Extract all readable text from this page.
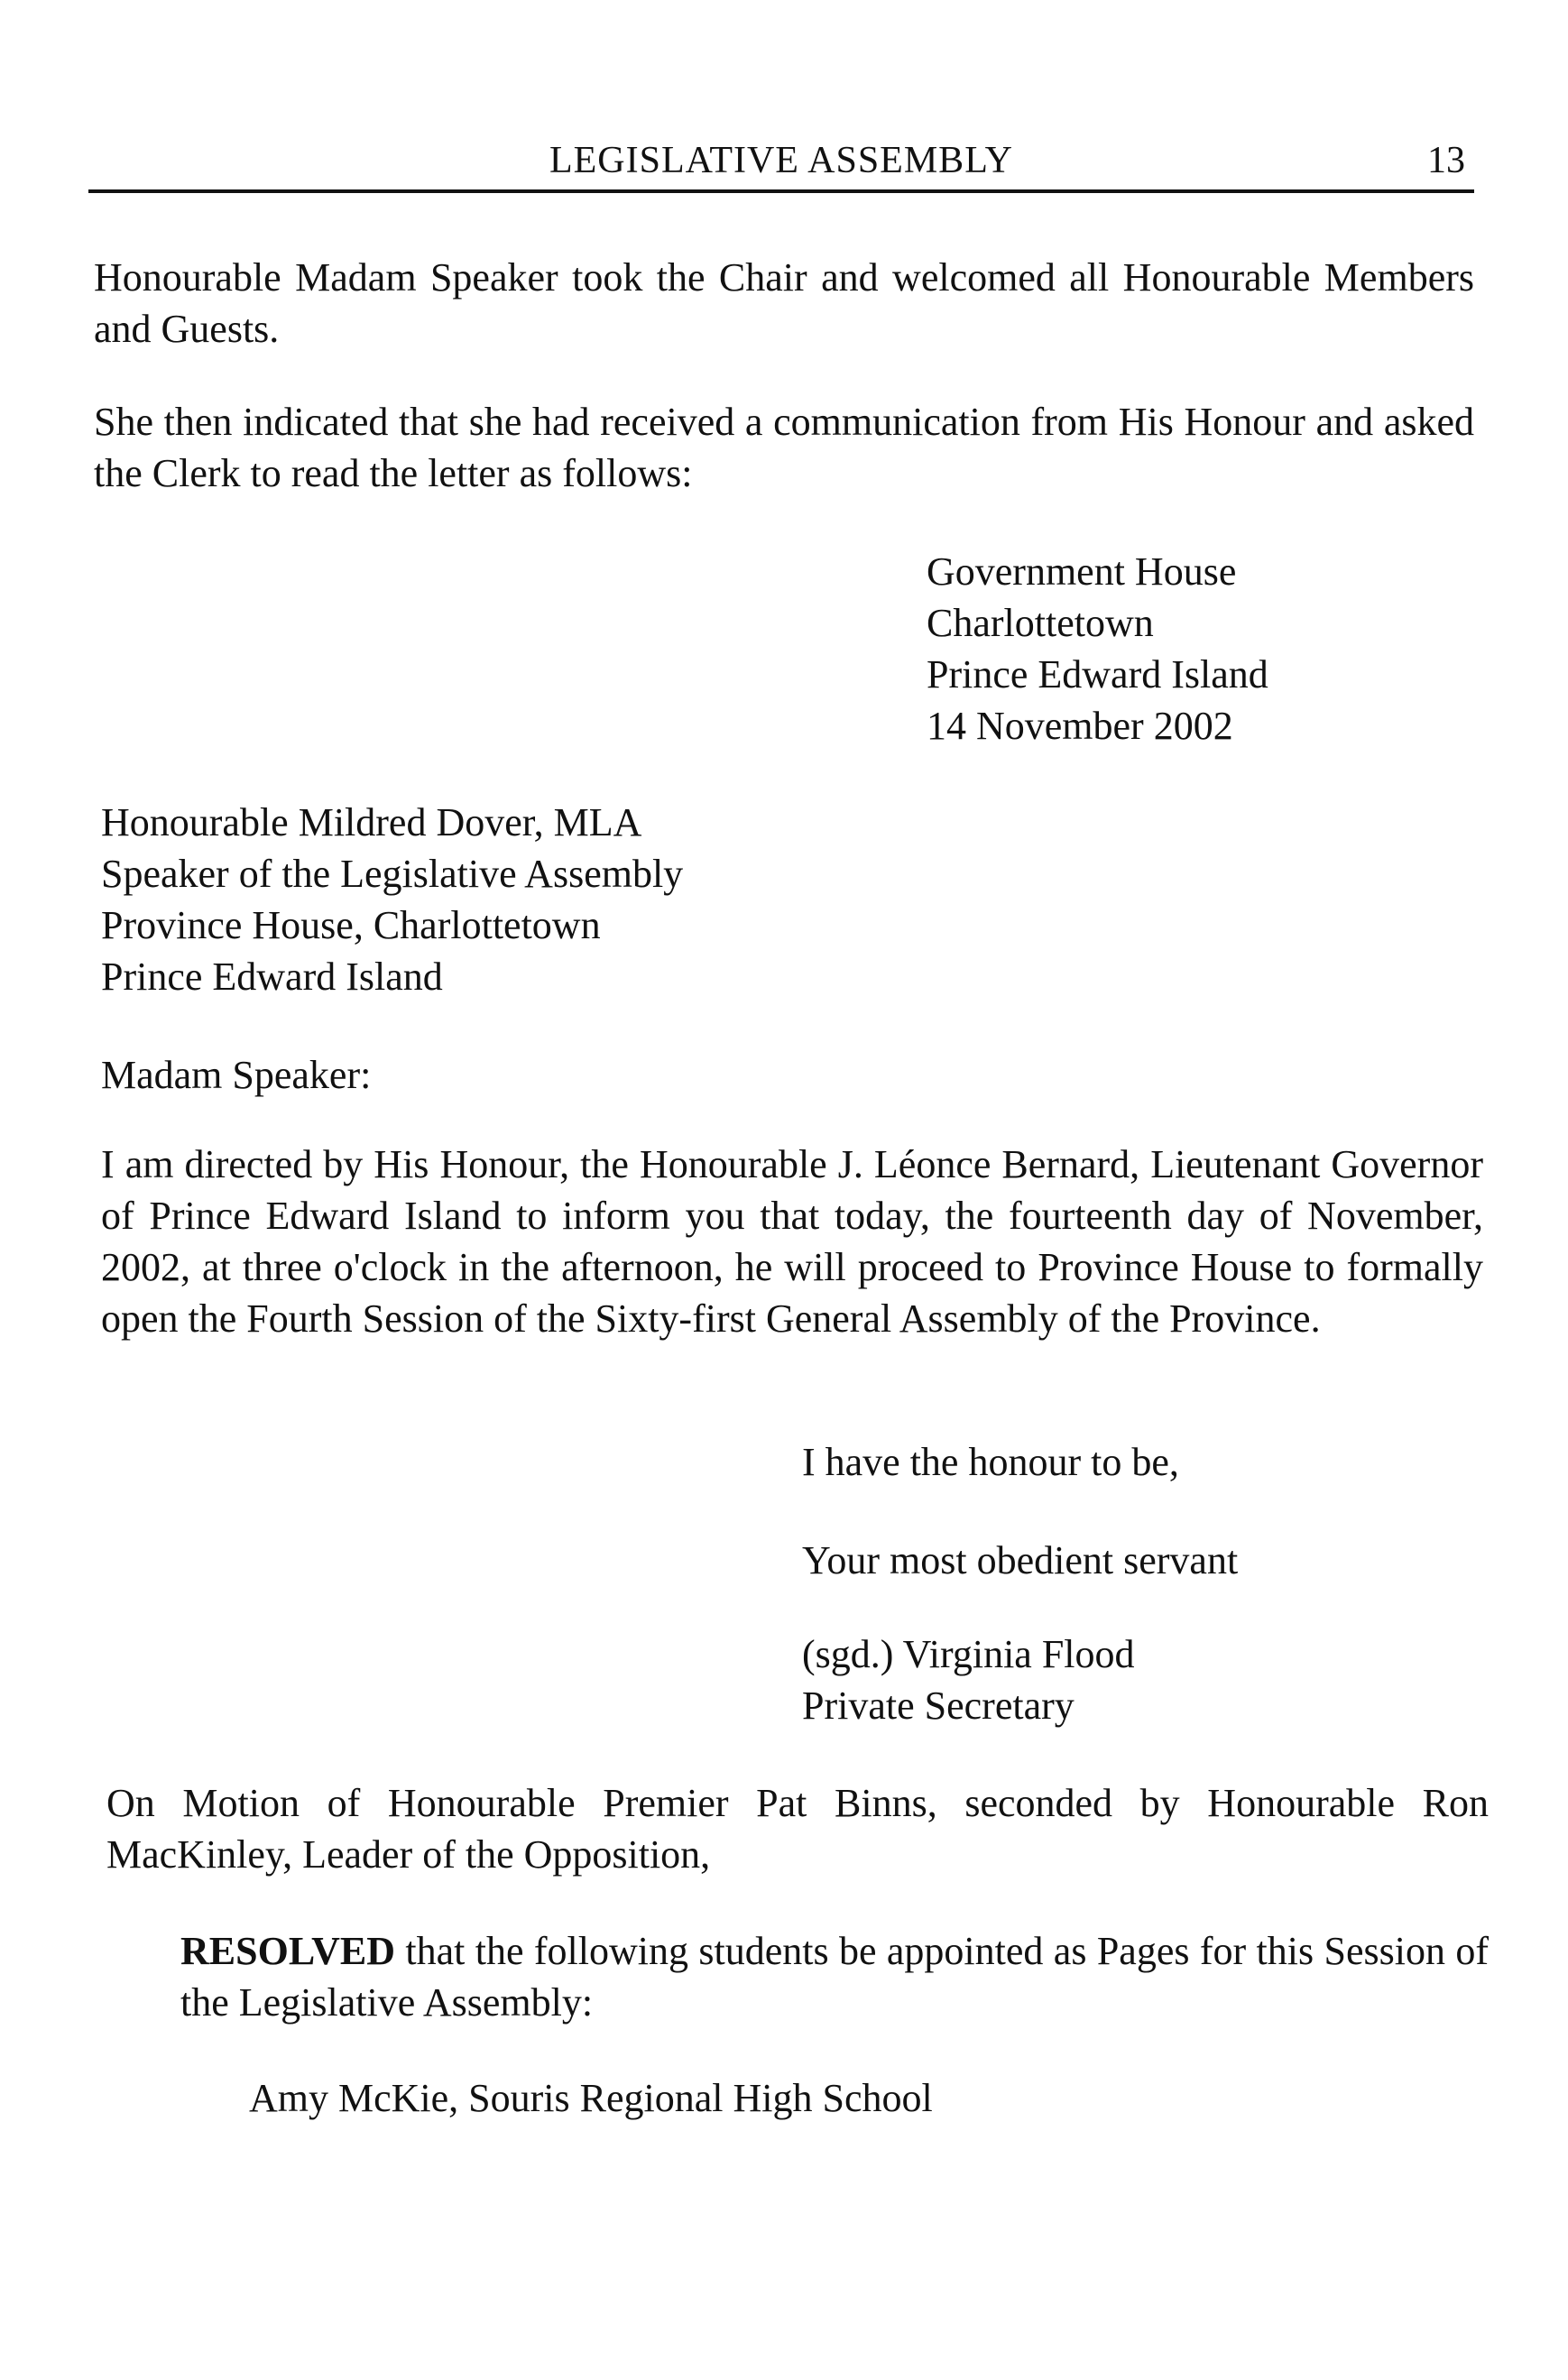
LEGISLATIVE ASSEMBLY	13

Honourable Madam Speaker took the Chair and welcomed all Honourable Members and Guests.

She then indicated that she had received a communication from His Honour and asked the Clerk to read the letter as follows:

Government House

Charlottetown

Prince Edward Island

14 November 2002

Honourable Mildred Dover, MLA

Speaker of the Legislative Assembly

Province House, Charlottetown

Prince Edward Island

Madam Speaker:

I am directed by His Honour, the Honourable J. Léonce Bernard, Lieutenant Governor of Prince Edward Island to inform you that today, the fourteenth day of November, 2002, at three o'clock in the afternoon, he will proceed to Province House to formally open the Fourth Session of the Sixty-first General Assembly of the Province.

I have the honour to be,

Your most obedient servant

(sgd.) Virginia Flood

Private Secretary

On Motion of Honourable Premier Pat Binns, seconded by Honourable Ron MacKinley, Leader of the Opposition,

RESOLVED that the following students be appointed as Pages for this Session of the Legislative Assembly:

Amy McKie, Souris Regional High School
